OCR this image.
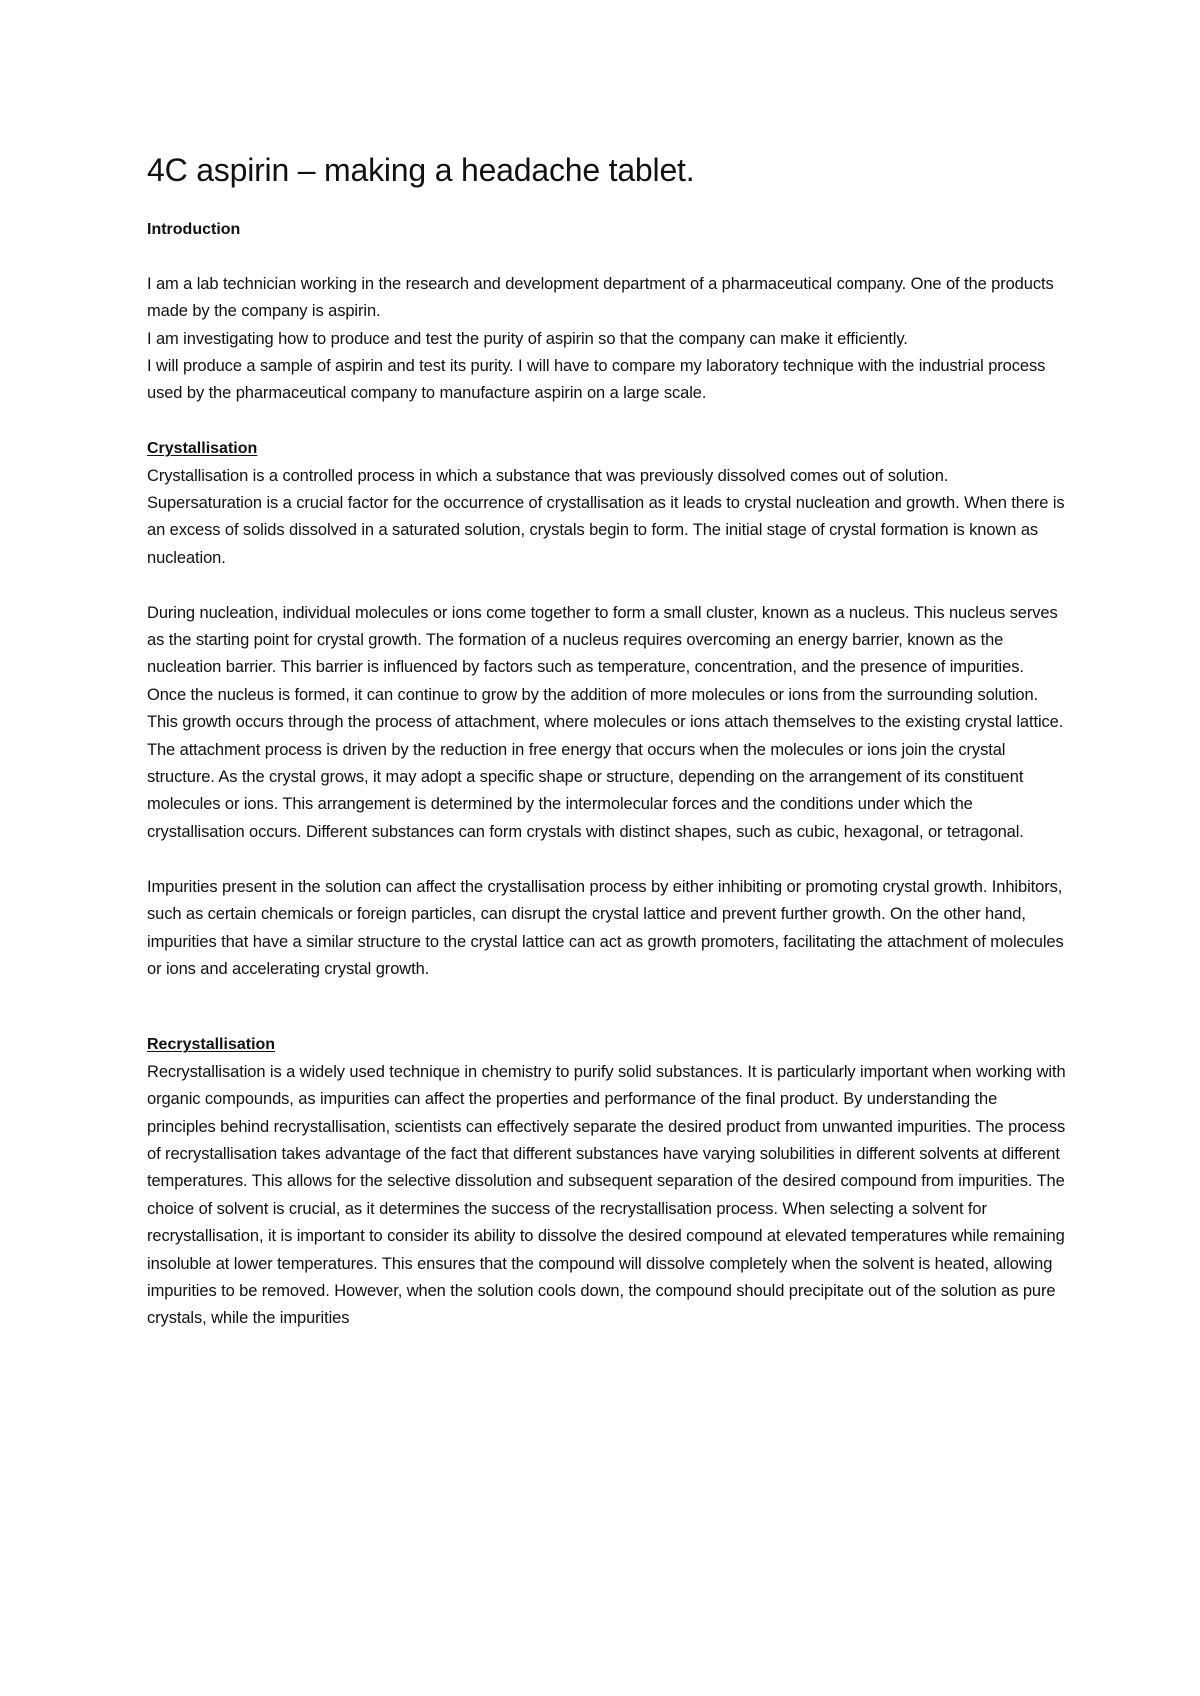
4C aspirin – making a headache tablet.

Introduction

I am a lab technician working in the research and development department of a pharmaceutical company. One of the products made by the company is aspirin.

I am investigating how to produce and test the purity of aspirin so that the company can make it efficiently.

I will produce a sample of aspirin and test its purity. I will have to compare my laboratory technique with the industrial process used by the pharmaceutical company to manufacture aspirin on a large scale.

Crystallisation

Crystallisation is a controlled process in which a substance that was previously dissolved comes out of solution. Supersaturation is a crucial factor for the occurrence of crystallisation as it leads to crystal nucleation and growth. When there is an excess of solids dissolved in a saturated solution, crystals begin to form. The initial stage of crystal formation is known as nucleation.

During nucleation, individual molecules or ions come together to form a small cluster, known as a nucleus. This nucleus serves as the starting point for crystal growth. The formation of a nucleus requires overcoming an energy barrier, known as the nucleation barrier. This barrier is influenced by factors such as temperature, concentration, and the presence of impurities. Once the nucleus is formed, it can continue to grow by the addition of more molecules or ions from the surrounding solution. This growth occurs through the process of attachment, where molecules or ions attach themselves to the existing crystal lattice. The attachment process is driven by the reduction in free energy that occurs when the molecules or ions join the crystal structure. As the crystal grows, it may adopt a specific shape or structure, depending on the arrangement of its constituent molecules or ions. This arrangement is determined by the intermolecular forces and the conditions under which the crystallisation occurs. Different substances can form crystals with distinct shapes, such as cubic, hexagonal, or tetragonal.

Impurities present in the solution can affect the crystallisation process by either inhibiting or promoting crystal growth. Inhibitors, such as certain chemicals or foreign particles, can disrupt the crystal lattice and prevent further growth. On the other hand, impurities that have a similar structure to the crystal lattice can act as growth promoters, facilitating the attachment of molecules or ions and accelerating crystal growth.

Recrystallisation

Recrystallisation is a widely used technique in chemistry to purify solid substances. It is particularly important when working with organic compounds, as impurities can affect the properties and performance of the final product. By understanding the principles behind recrystallisation, scientists can effectively separate the desired product from unwanted impurities. The process of recrystallisation takes advantage of the fact that different substances have varying solubilities in different solvents at different temperatures. This allows for the selective dissolution and subsequent separation of the desired compound from impurities. The choice of solvent is crucial, as it determines the success of the recrystallisation process. When selecting a solvent for recrystallisation, it is important to consider its ability to dissolve the desired compound at elevated temperatures while remaining insoluble at lower temperatures. This ensures that the compound will dissolve completely when the solvent is heated, allowing impurities to be removed. However, when the solution cools down, the compound should precipitate out of the solution as pure crystals, while the impurities
